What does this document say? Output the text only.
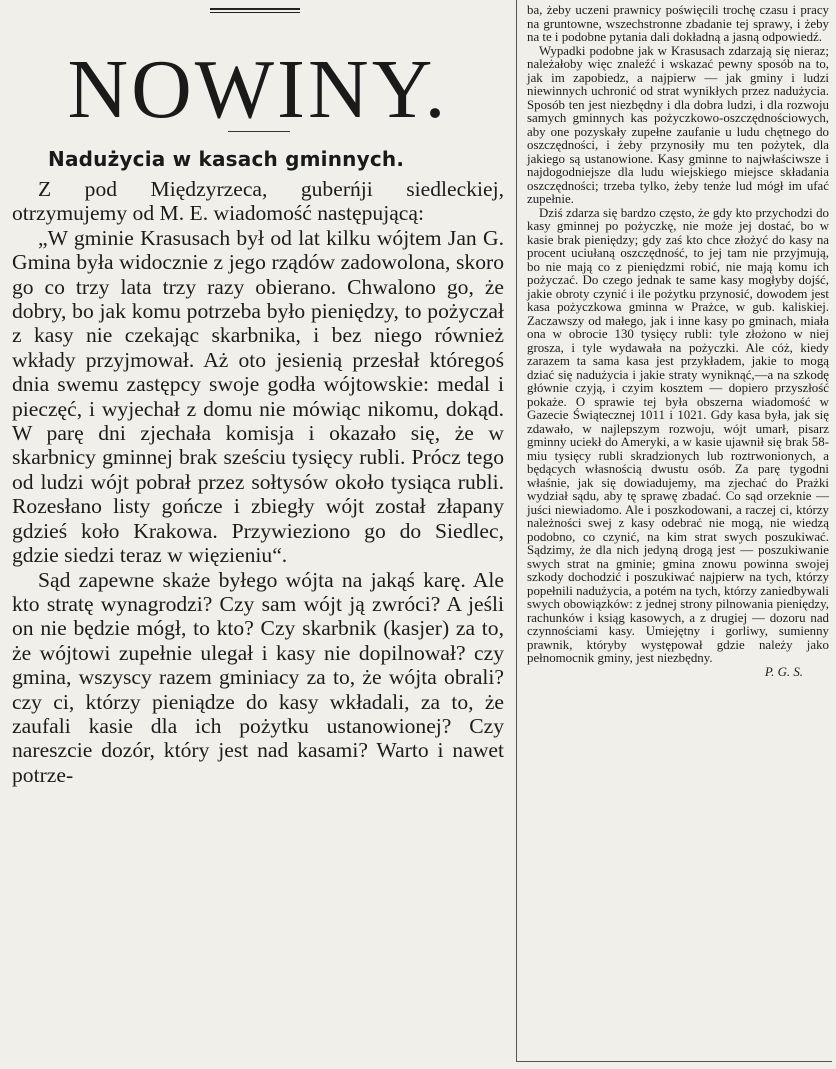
NOWINY.
Nadużycia w kasach gminnych.

Z pod Międzyrzeca, guberńji siedleckiej, otrzymujemy od M. E. wiadomość następującą:

„W gminie Krasusach był od lat kilku wójtem Jan G. Gmina była widocznie z jego rządów zadowolona, skoro go co trzy lata trzy razy obierano. Chwalono go, że dobry, bo jak komu potrzeba było pieniędzy, to pożyczał z kasy nie czekając skarbnika, i bez niego również wkłady przyjmował. Aż oto jesienią przesłał któregoś dnia swemu zastępcy swoje godła wójtowskie: medal i pieczęć, i wyjechał z domu nie mówiąc nikomu, dokąd. W parę dni zjechała komisja i okazało się, że w skarbnicy gminnej brak sześciu tysięcy rubli. Prócz tego od ludzi wójt pobrał przez sołtysów około tysiąca rubli. Rozesłano listy gończe i zbiegły wójt został złapany gdzieś koło Krakowa. Przywieziono go do Siedlec, gdzie siedzi teraz w więzieniu“.

Sąd zapewne skaże byłego wójta na jakąś karę. Ale kto stratę wynagrodzi? Czy sam wójt ją zwróci? A jeśli on nie będzie mógł, to kto? Czy skarbnik (kasjer) za to, że wójtowi zupełnie ulegał i kasy nie dopilnował? czy gmina, wszyscy razem gminiacy za to, że wójta obrali? czy ci, którzy pieniądze do kasy wkładali, za to, że zaufali kasie dla ich pożytku ustanowionej? Czy nareszcie dozór, który jest nad kasami? Warto i nawet potrze-

ba, żeby uczeni prawnicy poświęcili trochę czasu i pracy na gruntowne, wszechstronne zbadanie tej sprawy, i żeby na te i podobne pytania dali dokładną a jasną odpowiedź.

Wypadki podobne jak w Krasusach zdarzają się nieraz; należałoby więc znaleźć i wskazać pewny sposób na to, jak im zapobiedz, a najpierw — jak gminy i ludzi niewinnych uchronić od strat wynikłych przez nadużycia. Sposób ten jest niezbędny i dla dobra ludzi, i dla rozwoju samych gminnych kas pożyczkowo-oszczędnościowych, aby one pozyskały zupełne zaufanie u ludu chętnego do oszczędności, i żeby przynosiły mu ten pożytek, dla jakiego są ustanowione. Kasy gminne to najwłaściwsze i najdogodniejsze dla ludu wiejskiego miejsce składania oszczędności; trzeba tylko, żeby tenże lud mógł im ufać zupełnie.

Dziś zdarza się bardzo często, że gdy kto przychodzi do kasy gminnej po pożyczkę, nie może jej dostać, bo w kasie brak pieniędzy; gdy zaś kto chce złożyć do kasy na procent uciułaną oszczędność, to jej tam nie przyjmują, bo nie mają co z pieniędzmi robić, nie mają komu ich pożyczać. Do czego jednak te same kasy mogłyby dojść, jakie obroty czynić i ile pożytku przynosić, dowodem jest kasa pożyczkowa gminna w Prażce, w gub. kaliskiej. Zaczawszy od małego, jak i inne kasy po gminach, miała ona w obrocie 130 tysięcy rubli: tyle złożono w niej grosza, i tyle wydawała na pożyczki. Ale cóż, kiedy zarazem ta sama kasa jest przykładem, jakie to mogą dziać się nadużycia i jakie straty wyniknąć,—a na szkodę głównie czyją, i czyim kosztem — dopiero przyszłość pokaże. O sprawie tej była obszerna wiadomość w Gazecie Świątecznej 1011 i 1021. Gdy kasa była, jak się zdawało, w najlepszym rozwoju, wójt umarł, pisarz gminny uciekł do Ameryki, a w kasie ujawnił się brak 58-miu tysięcy rubli skradzionych lub roztrwonionych, a będących własnością dwustu osób. Za parę tygodni właśnie, jak się dowiadujemy, ma zjechać do Prażki wydział sądu, aby tę sprawę zbadać. Co sąd orzeknie — juści niewiadomo. Ale i poszkodowani, a raczej ci, którzy należności swej z kasy odebrać nie mogą, nie wiedzą podobno, co czynić, na kim strat swych poszukiwać. Sądzimy, że dla nich jedyną drogą jest — poszukiwanie swych strat na gminie; gmina znowu powinna swojej szkody dochodzić i poszukiwać najpierw na tych, którzy popełnili nadużycia, a potém na tych, którzy zaniedbywali swych obowiązków: z jednej strony pilnowania pieniędzy, rachunków i ksiąg kasowych, a z drugiej — dozoru nad czynnościami kasy. Umiejętny i gorliwy, sumienny prawnik, któryby występował gdzie należy jako pełnomocnik gminy, jest niezbędny.

P. G. S.
